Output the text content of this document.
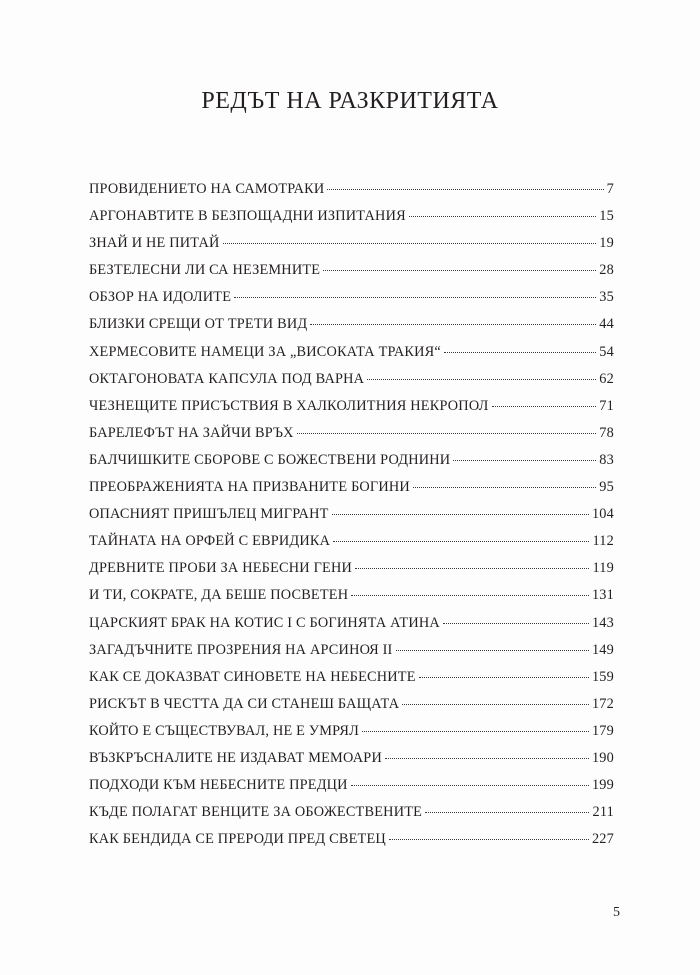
РЕДЪТ НА РАЗКРИТИЯТА
ПРОВИДЕНИЕТО НА САМОТРАКИ	7
АРГОНАВТИТЕ В БЕЗПОЩАДНИ ИЗПИТАНИЯ	15
ЗНАЙ И НЕ ПИТАЙ	19
БЕЗТЕЛЕСНИ ЛИ СА НЕЗЕМНИТЕ	28
ОБЗОР НА ИДОЛИТЕ	35
БЛИЗКИ СРЕЩИ ОТ ТРЕТИ ВИД	44
ХЕРМЕСОВИТЕ НАМЕЦИ ЗА „ВИСОКАТА ТРАКИЯ“	54
ОКТАГОНОВАТА КАПСУЛА ПОД ВАРНА	62
ЧЕЗНЕЩИТЕ ПРИСЪСТВИЯ В ХАЛКОЛИТНИЯ НЕКРОПОЛ	71
БАРЕЛЕФЪТ НА ЗАЙЧИ ВРЪХ	78
БАЛЧИШКИТЕ СБОРОВЕ С БОЖЕСТВЕНИ РОДНИНИ	83
ПРЕОБРАЖЕНИЯТА НА ПРИЗВАНИТЕ БОГИНИ	95
ОПАСНИЯТ ПРИШЪЛЕЦ МИГРАНТ	104
ТАЙНАТА НА ОРФЕЙ С ЕВРИДИКА	112
ДРЕВНИТЕ ПРОБИ ЗА НЕБЕСНИ ГЕНИ	119
И ТИ, СОКРАТЕ, ДА БЕШЕ ПОСВЕТЕН	131
ЦАРСКИЯТ БРАК НА КОТИС I С БОГИНЯТА АТИНА	143
ЗАГАДЪЧНИТЕ ПРОЗРЕНИЯ НА АРСИНОЯ II	149
КАК СЕ ДОКАЗВАТ СИНОВЕТЕ НА НЕБЕСНИТЕ	159
РИСКЪТ В ЧЕСТТА ДА СИ СТАНЕШ БАЩАТА	172
КОЙТО Е СЪЩЕСТВУВАЛ, НЕ Е УМРЯЛ	179
ВЪЗКРЪСНАЛИТЕ НЕ ИЗДАВАТ МЕМОАРИ	190
ПОДХОДИ КЪМ НЕБЕСНИТЕ ПРЕДЦИ	199
КЪДЕ ПОЛАГАТ ВЕНЦИТЕ ЗА ОБОЖЕСТВЕНИТЕ	211
КАК БЕНДИДА СЕ ПРЕРОДИ ПРЕД СВЕТЕЦ	227

5
